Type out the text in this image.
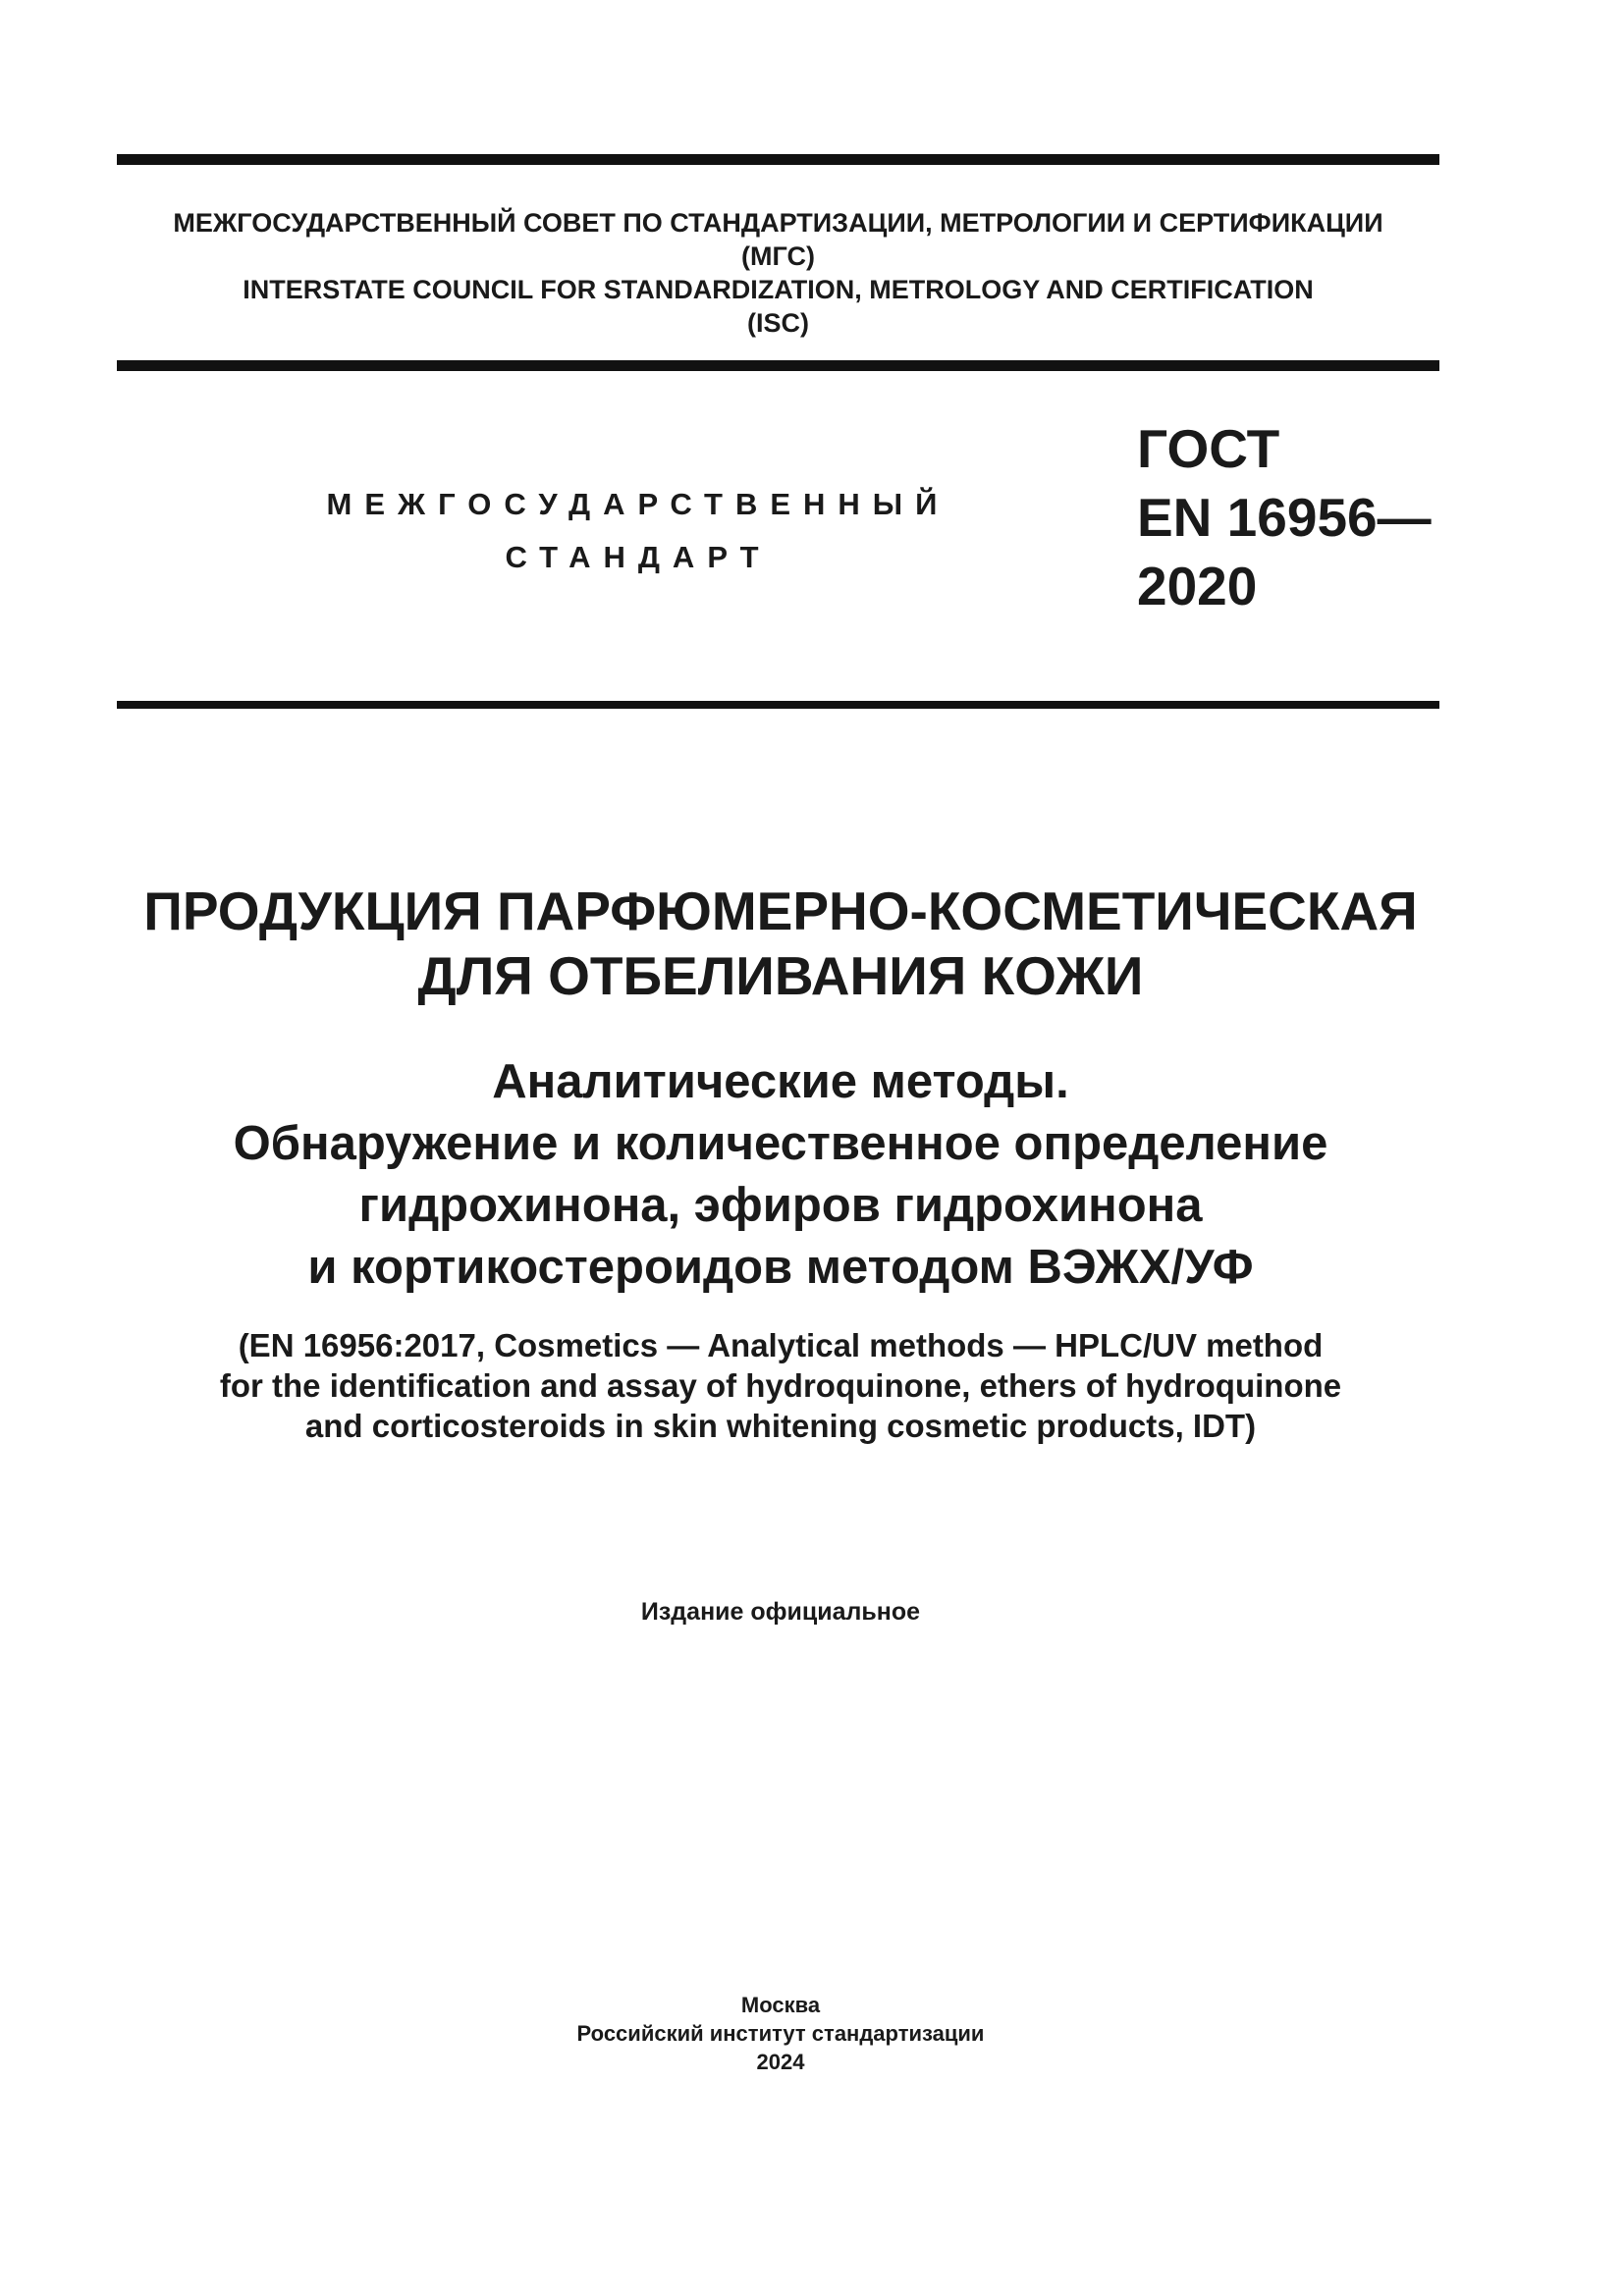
МЕЖГОСУДАРСТВЕННЫЙ СОВЕТ ПО СТАНДАРТИЗАЦИИ, МЕТРОЛОГИИ И СЕРТИФИКАЦИИ
(МГС)
INTERSTATE COUNCIL FOR STANDARDIZATION, METROLOGY AND CERTIFICATION
(ISC)
МЕЖГОСУДАРСТВЕННЫЙ
СТАНДАРТ
ГОСТ
EN 16956—
2020
ПРОДУКЦИЯ ПАРФЮМЕРНО-КОСМЕТИЧЕСКАЯ
ДЛЯ ОТБЕЛИВАНИЯ КОЖИ
Аналитические методы.
Обнаружение и количественное определение
гидрохинона, эфиров гидрохинона
и кортикостероидов методом ВЭЖХ/УФ
(EN 16956:2017, Cosmetics — Analytical methods — HPLC/UV method
for the identification and assay of hydroquinone, ethers of hydroquinone
and corticosteroids in skin whitening cosmetic products, IDT)
Издание официальное
Москва
Российский институт стандартизации
2024
